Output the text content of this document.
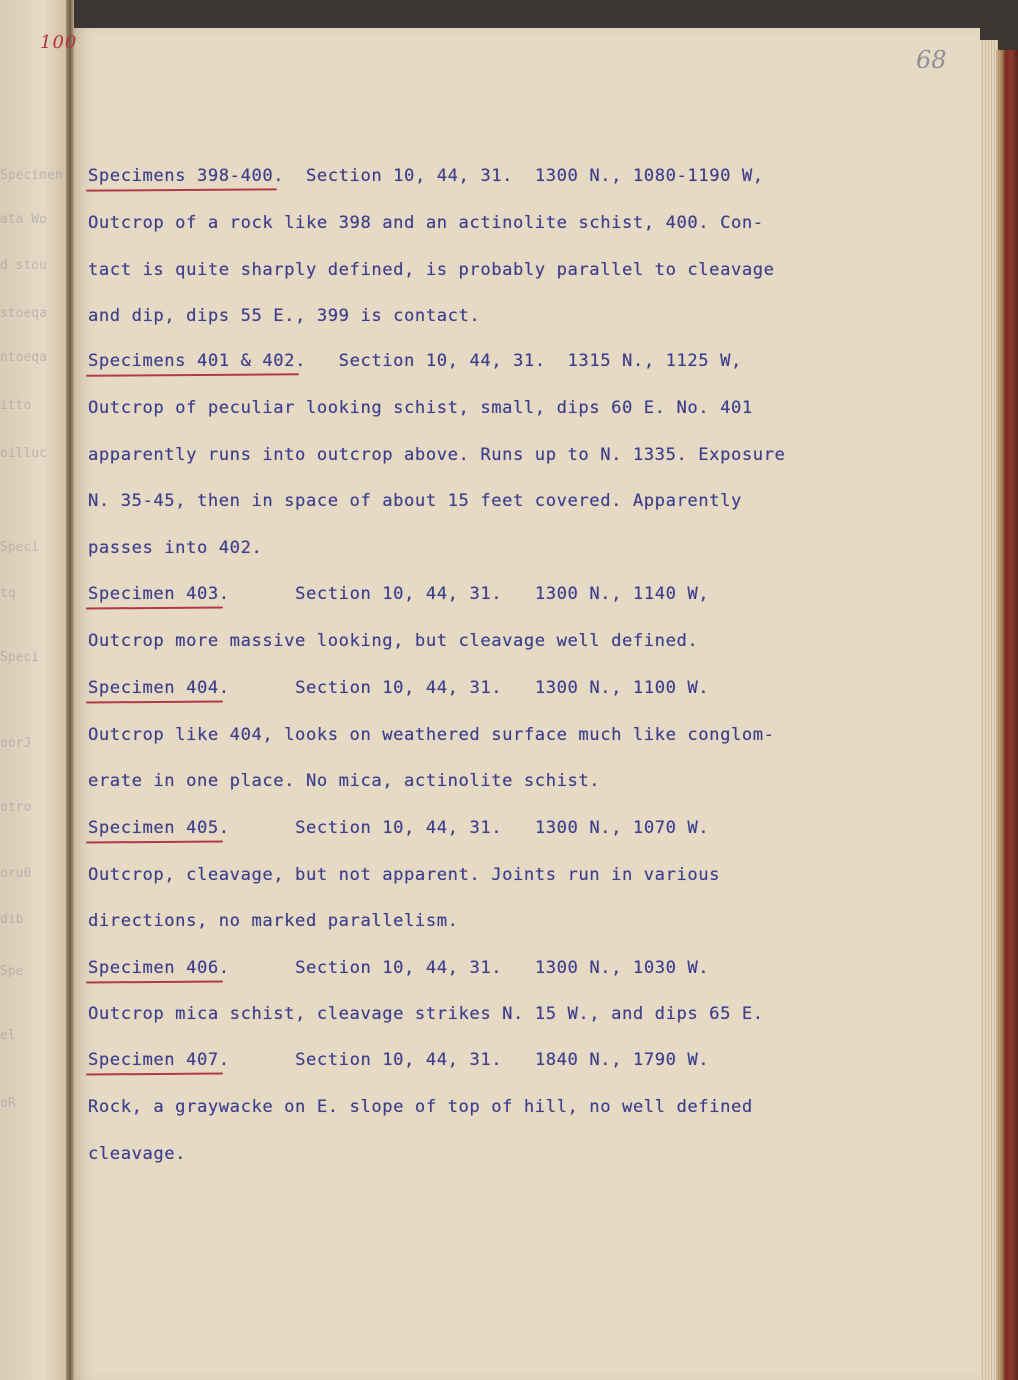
Specimen
ata Wo
d stou
stoeqa
ntoeqa
itto
oilluc
Speci
tq
Speci
oorJ
otro
oru0
dib
Spe
el
oR
100
68
Specimens 398-400. Section 10, 44, 31. 1300 N., 1080-1190 W,
Outcrop of a rock like 398 and an actinolite schist, 400. Con-
tact is quite sharply defined, is probably parallel to cleavage
and dip, dips 55 E., 399 is contact.
Specimens 401 & 402. Section 10, 44, 31. 1315 N., 1125 W,
Outcrop of peculiar looking schist, small, dips 60 E. No. 401
apparently runs into outcrop above. Runs up to N. 1335. Exposure
N. 35-45, then in space of about 15 feet covered. Apparently
passes into 402.
Specimen 403.	Section 10, 44, 31. 1300 N., 1140 W,
Outcrop more massive looking, but cleavage well defined.
Specimen 404.	Section 10, 44, 31. 1300 N., 1100 W.
Outcrop like 404, looks on weathered surface much like conglom-
erate in one place. No mica, actinolite schist.
Specimen 405.	Section 10, 44, 31. 1300 N., 1070 W.
Outcrop, cleavage, but not apparent. Joints run in various
directions, no marked parallelism.
Specimen 406.	Section 10, 44, 31. 1300 N., 1030 W.
Outcrop mica schist, cleavage strikes N. 15 W., and dips 65 E.
Specimen 407.	Section 10, 44, 31. 1840 N., 1790 W.
Rock, a graywacke on E. slope of top of hill, no well defined
cleavage.
